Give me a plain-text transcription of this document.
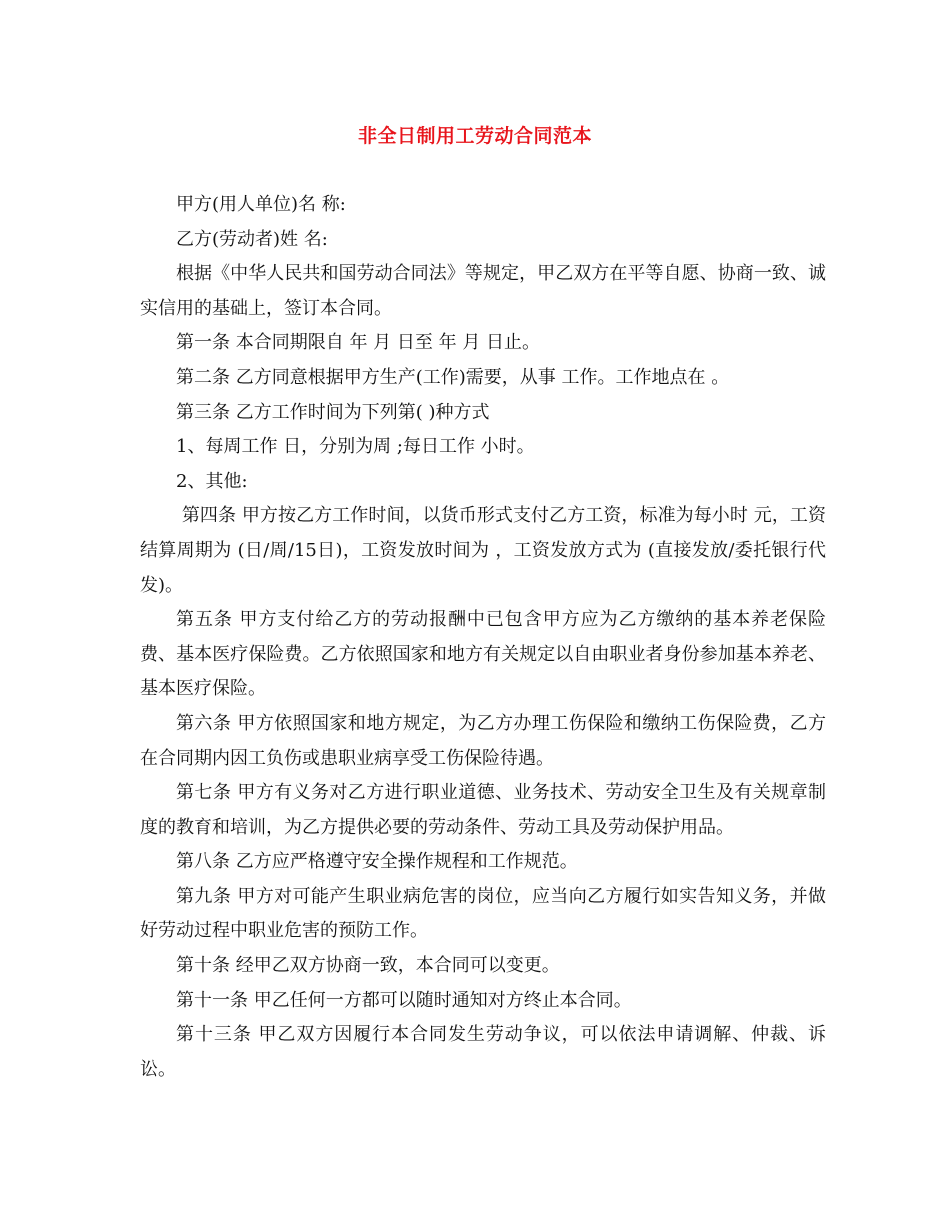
非全日制用工劳动合同范本

甲方(用人单位)名 称:

乙方(劳动者)姓 名:

根据《中华人民共和国劳动合同法》等规定，甲乙双方在平等自愿、协商一致、诚实信用的基础上，签订本合同。

第一条 本合同期限自 年 月 日至 年 月 日止。

第二条 乙方同意根据甲方生产(工作)需要，从事 工作。工作地点在 。

第三条 乙方工作时间为下列第( )种方式

1、每周工作 日，分别为周 ;每日工作 小时。

2、其他:

第四条 甲方按乙方工作时间，以货币形式支付乙方工资，标准为每小时 元，工资结算周期为 (日/周/15日)，工资发放时间为 ，工资发放方式为 (直接发放/委托银行代发)。

第五条 甲方支付给乙方的劳动报酬中已包含甲方应为乙方缴纳的基本养老保险费、基本医疗保险费。乙方依照国家和地方有关规定以自由职业者身份参加基本养老、基本医疗保险。

第六条 甲方依照国家和地方规定，为乙方办理工伤保险和缴纳工伤保险费，乙方在合同期内因工负伤或患职业病享受工伤保险待遇。

第七条 甲方有义务对乙方进行职业道德、业务技术、劳动安全卫生及有关规章制度的教育和培训，为乙方提供必要的劳动条件、劳动工具及劳动保护用品。

第八条 乙方应严格遵守安全操作规程和工作规范。

第九条 甲方对可能产生职业病危害的岗位，应当向乙方履行如实告知义务，并做好劳动过程中职业危害的预防工作。

第十条 经甲乙双方协商一致，本合同可以变更。

第十一条 甲乙任何一方都可以随时通知对方终止本合同。

第十三条 甲乙双方因履行本合同发生劳动争议，可以依法申请调解、仲裁、诉讼。
